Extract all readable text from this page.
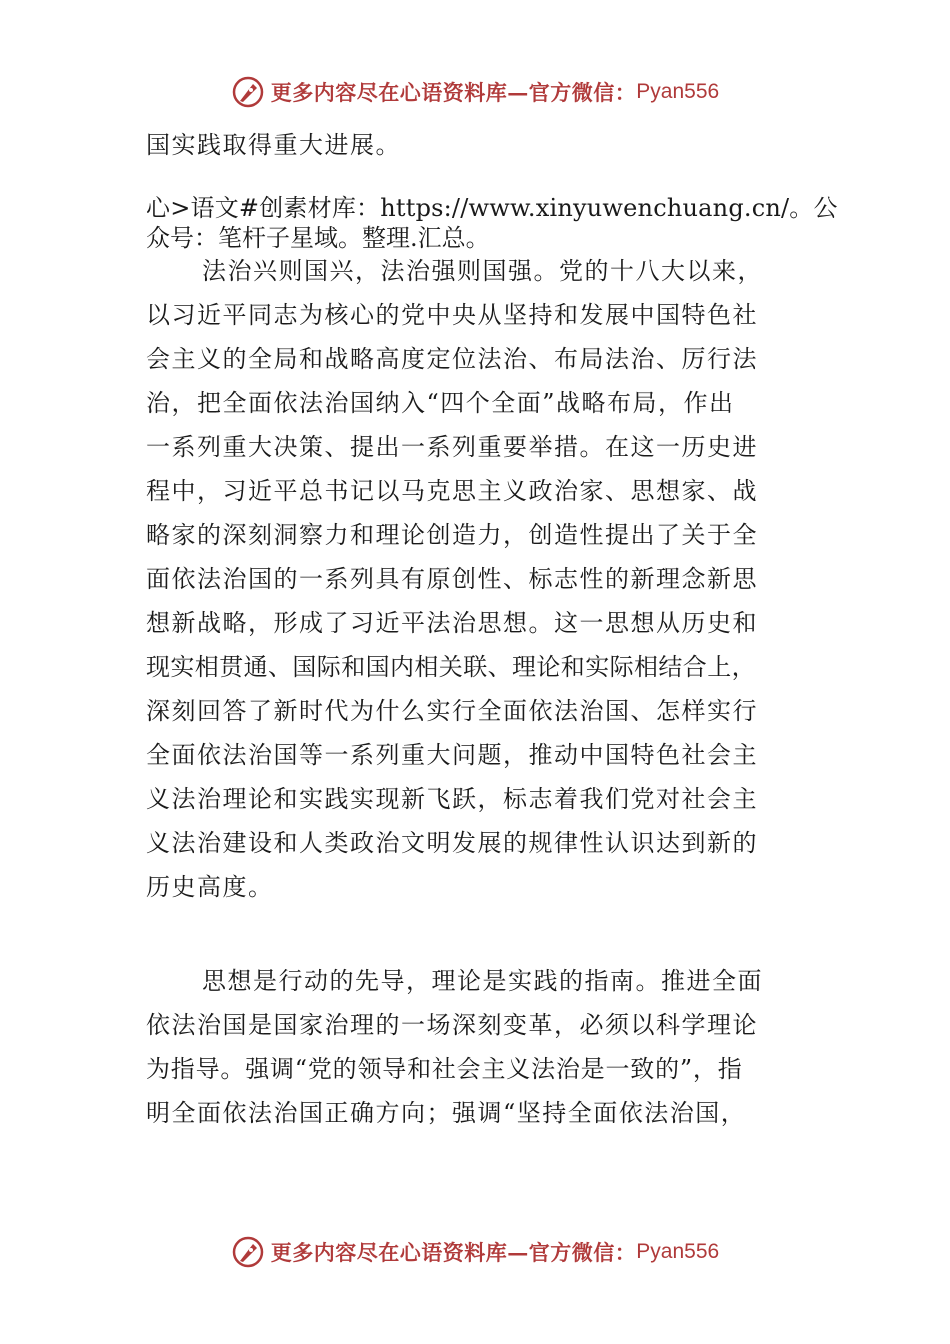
更多内容尽在心语资料库—官方微信： Pyan556
国实践取得重大进展。
心>语文#创素材库：https://www.xinyuwenchuang.cn/。公
众号：笔杆子星域。整理.汇总。
法治兴则国兴，法治强则国强。党的十八大以来，
以习近平同志为核心的党中央从坚持和发展中国特色社
会主义的全局和战略高度定位法治、布局法治、厉行法
治，把全面依法治国纳入“四个全面”战略布局，作出
一系列重大决策、提出一系列重要举措。在这一历史进
程中，习近平总书记以马克思主义政治家、思想家、战
略家的深刻洞察力和理论创造力，创造性提出了关于全
面依法治国的一系列具有原创性、标志性的新理念新思
想新战略，形成了习近平法治思想。这一思想从历史和
现实相贯通、国际和国内相关联、理论和实际相结合上，
深刻回答了新时代为什么实行全面依法治国、怎样实行
全面依法治国等一系列重大问题，推动中国特色社会主
义法治理论和实践实现新飞跃，标志着我们党对社会主
义法治建设和人类政治文明发展的规律性认识达到新的
历史高度。
思想是行动的先导，理论是实践的指南。推进全面
依法治国是国家治理的一场深刻变革，必须以科学理论
为指导。强调“党的领导和社会主义法治是一致的”，指
明全面依法治国正确方向；强调“坚持全面依法治国，
更多内容尽在心语资料库—官方微信： Pyan556
